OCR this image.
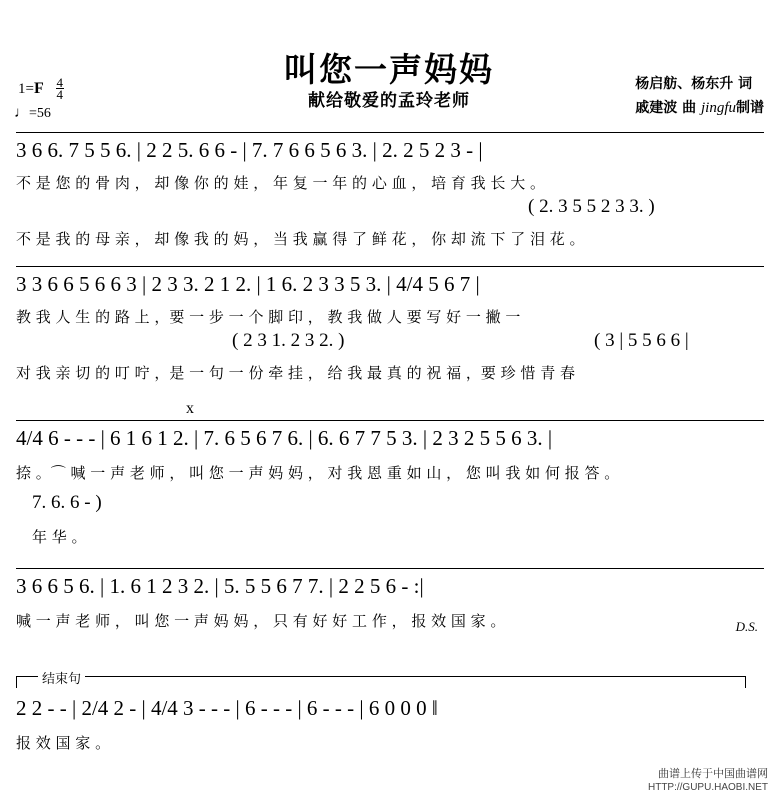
叫您一声妈妈
献给敬爱的孟玲老师
杨启舫、杨东升 词
戚建波 曲 jingfu制谱
$1=F \frac{4}{4}$
♩=56
3 6 6. 7 5 5 6. | 2 2 5. 6 6 - | 7. 7 6 6 5 6 3. | 2. 2 5 2 3 - |
不 是 您 的 骨 肉 ， 却 像 你 的 娃 ， 年 复 一 年 的 心 血 ， 培 育 我 长 大 。
( 2. 3 5 5 2 3 3. )
不 是 我 的 母 亲 ， 却 像 我 的 妈 ， 当 我 赢 得 了 鲜 花 ， 你 却 流 下 了 泪 花 。
3 3 6 6 5 6 6 3 | 2 3 3. 2 1 2. | 1 6. 2 3 3 5 3. | 4/4 5 6 7 |
教 我 人 生 的 路 上 ，要 一 步 一 个 脚 印 ， 教 我 做 人 要 写 好 一 撇 一
( 2 3 1. 2 3 2. )	( 3 | 5 5 6 6 |
对 我 亲 切 的 叮 咛 ，是 一 句 一 份 牵 挂 ， 给 我 最 真 的 祝 福 ，要 珍 惜 青 春
x
4/4 6 - - - | 6 1 6 1 2. | 7. 6 5 6 7 6. | 6. 6 7 7 5 3. | 2 3 2 5 5 6 3. |
捺 。⌒ 喊 一 声 老 师 ， 叫 您 一 声 妈 妈 ， 对 我 恩 重 如 山 ， 您 叫 我 如 何 报 答 。
7. 6. 6 - )
年 华 。
3 6 6 5 6. | 1. 6 1 2 3 2. | 5. 5 5 6 7 7. | 2 2 5 6 - :|
喊 一 声 老 师 ， 叫 您 一 声 妈 妈 ， 只 有 好 好 工 作 ， 报 效 国 家 。	D.S.
结束句
2 2 - - | 2/4 2 - | 4/4 3 - - - | 6 - - - | 6 - - - | 6 0 0 0 ‖
报 效 国 家 。
曲谱上传于中国曲谱网
HTTP://GUPU.HAOBI.NET
